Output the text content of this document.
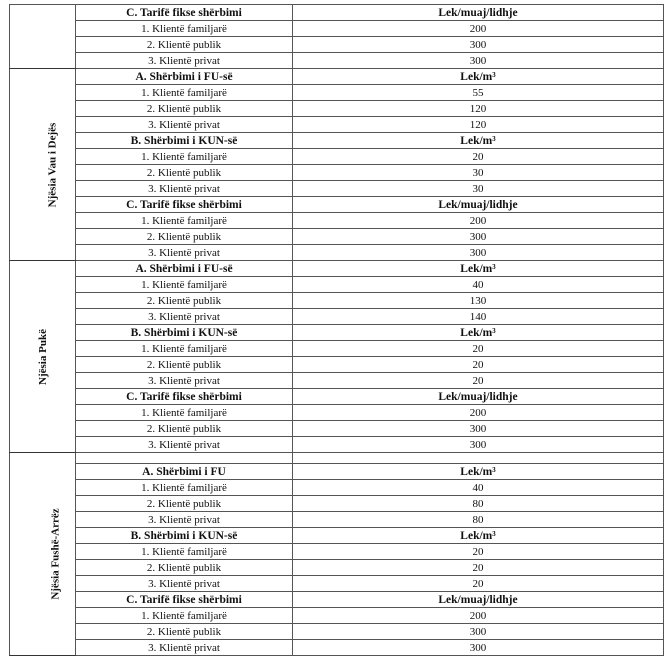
	C. Tarifë fikse shërbimi	Lek/muaj/lidhje
	1. Klientë familjarë	200
	2. Klientë publik	300
	3. Klientë privat	300
Njësia Vau i Dejës	A. Shërbimi i FU-së	Lek/m³
	1. Klientë familjarë	55
	2. Klientë publik	120
	3. Klientë privat	120
	B. Shërbimi i KUN-së	Lek/m³
	1. Klientë familjarë	20
	2. Klientë publik	30
	3. Klientë privat	30
	C. Tarifë fikse shërbimi	Lek/muaj/lidhje
	1. Klientë familjarë	200
	2. Klientë publik	300
	3. Klientë privat	300
Njësia Pukë	A. Shërbimi i FU-së	Lek/m³
	1. Klientë familjarë	40
	2. Klientë publik	130
	3. Klientë privat	140
	B. Shërbimi i KUN-së	Lek/m³
	1. Klientë familjarë	20
	2. Klientë publik	20
	3. Klientë privat	20
	C. Tarifë fikse shërbimi	Lek/muaj/lidhje
	1. Klientë familjarë	200
	2. Klientë publik	300
	3. Klientë privat	300
Njësia Fushë-Arrëz		
	A. Shërbimi i FU	Lek/m³
	1. Klientë familjarë	40
	2. Klientë publik	80
	3. Klientë privat	80
	B. Shërbimi i KUN-së	Lek/m³
	1. Klientë familjarë	20
	2. Klientë publik	20
	3. Klientë privat	20
	C. Tarifë fikse shërbimi	Lek/muaj/lidhje
	1. Klientë familjarë	200
	2. Klientë publik	300
	3. Klientë privat	300
